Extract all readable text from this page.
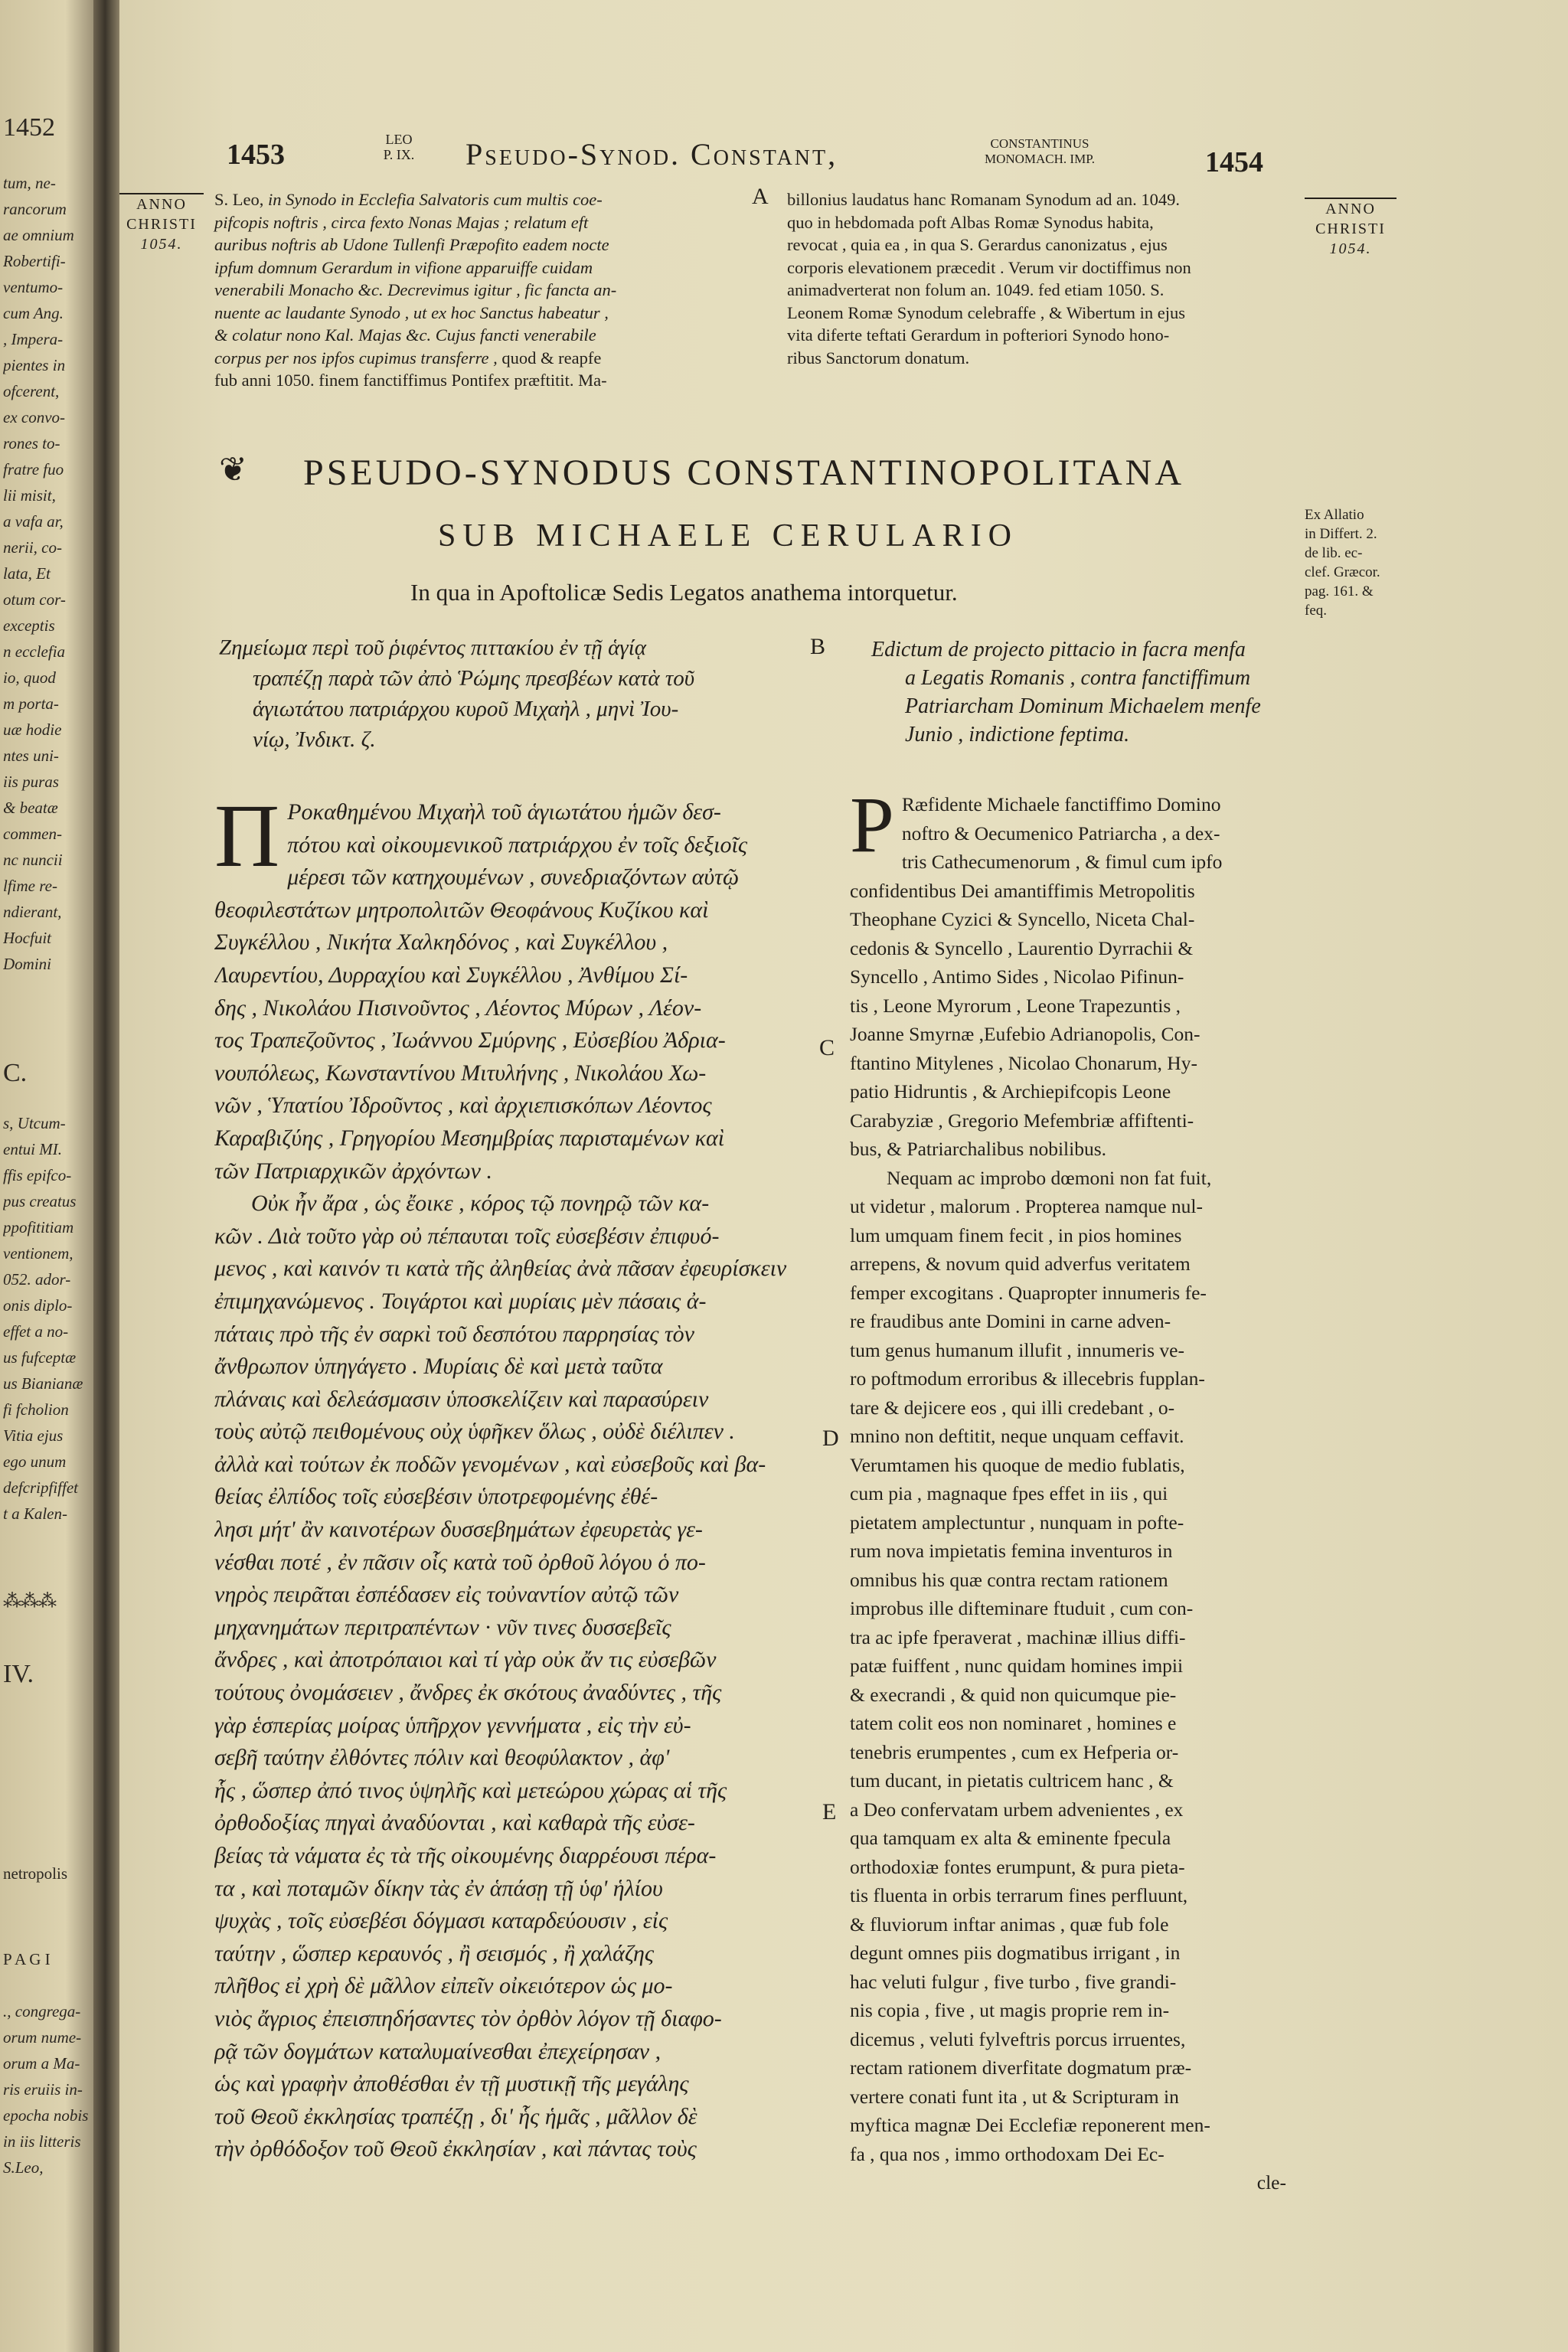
1452
tum, ne-
rancorum
ae omnium
Robertifi-
ventumo-
cum Ang.
, Impera-
pientes in
ofcerent,
ex convo-
rones to-
fratre fuo
lii misit,
a vafa ar,
nerii, co-
lata, Et
otum cor-
exceptis
n ecclefia
io, quod
m porta-
uæ hodie
ntes uni-
iis puras
& beatæ
commen-
nc nuncii
lfime re-
ndierant,
Hocfuit
Domini
C.
s, Utcum-
entui MI.
ffis epifco-
pus creatus
ppofititiam
ventionem,
052. ador-
onis diplo-
effet a no-
us fufceptæ
us Bianianæ
fi fcholion
Vitia ejus
ego unum
defcripfiffet
t a Kalen-
⁂⁂⁂
IV.
netropolis
P A G I
., congrega-
orum nume-
orum a Ma-
ris eruiis in-
epocha nobis
in iis litteris
S.Leo,
1453	LEO
P. IX.	Pseudo-Synod. Constant,	CONSTANTINUS
MONOMACH. IMP.	1454
ANNO
CHRISTI
1054.
ANNO
CHRISTI
1054.
S. Leo, in Synodo in Ecclefia Salvatoris cum multis coe-
pifcopis noftris , circa fexto Nonas Majas ; relatum eft
auribus noftris ab Udone Tullenfi Præpofito eadem nocte
ipfum domnum Gerardum in vifione apparuiffe cuidam
venerabili Monacho &c. Decrevimus igitur , fic fancta an-
nuente ac laudante Synodo , ut ex hoc Sanctus habeatur ,
& colatur nono Kal. Majas &c. Cujus fancti venerabile
corpus per nos ipfos cupimus transferre , quod & reapfe
fub anni 1050. finem fanctiffimus Pontifex præftitit. Ma-
A billonius laudatus hanc Romanam Synodum ad an. 1049.
quo in hebdomada poft Albas Romæ Synodus habita,
revocat , quia ea , in qua S. Gerardus canonizatus , ejus
corporis elevationem præcedit . Verum vir doctiffimus non
animadverterat non folum an. 1049. fed etiam 1050. S.
Leonem Romæ Synodum celebraffe , & Wibertum in ejus
vita diferte teftati Gerardum in pofteriori Synodo hono-
ribus Sanctorum donatum.
❦ PSEUDO-SYNODUS CONSTANTINOPOLITANA
SUB MICHAELE CERULARIO
In qua in Apoftolicæ Sedis Legatos anathema intorquetur.
Ex Allatio
in Differt. 2.
de lib. ec-
clef. Græcor.
pag. 161. &
feq.
Ζημείωμα περὶ τοῦ ῥιφέντος πιττακίου ἐν τῇ ἁγίᾳ
τραπέζῃ παρὰ τῶν ἀπὸ Ῥώμης πρεσβέων κατὰ τοῦ
ἁγιωτάτου πατριάρχου κυροῦ Μιχαὴλ , μηνὶ Ἰου-
νίῳ, Ἰνδικτ. ζ.
B Edictum de projecto pittacio in facra menfa
a Legatis Romanis , contra fanctiffimum
Patriarcham Dominum Michaelem menfe
Junio , indictione feptima.
Π Ροκαθημένου Μιχαὴλ τοῦ ἁγιωτάτου ἡμῶν δεσ-
πότου καὶ οἰκουμενικοῦ πατριάρχου ἐν τοῖς δεξιοῖς
μέρεσι τῶν κατηχουμένων , συνεδριαζόντων αὐτῷ
θεοφιλεστάτων μητροπολιτῶν Θεοφάνους Κυζίκου καὶ
Συγκέλλου , Νικήτα Χαλκηδόνος , καὶ Συγκέλλου ,
Λαυρεντίου, Δυρραχίου καὶ Συγκέλλου , Ἀνθίμου Σί-
δης , Νικολάου Πισινοῦντος , Λέοντος Μύρων , Λέον-
τος Τραπεζοῦντος , Ἰωάννου Σμύρνης , Εὐσεβίου Ἀδρια-
νουπόλεως, Κωνσταντίνου Μιτυλήνης , Νικολάου Χω-
νῶν , Ὑπατίου Ἰδροῦντος , καὶ ἀρχιεπισκόπων Λέοντος
Καραβιζύης , Γρηγορίου Μεσημβρίας παρισταμένων καὶ
τῶν Πατριαρχικῶν ἀρχόντων .
Οὐκ ἦν ἄρα , ὡς ἔοικε , κόρος τῷ πονηρῷ τῶν κα-
κῶν . Διὰ τοῦτο γὰρ οὐ πέπαυται τοῖς εὐσεβέσιν ἐπιφυό-
μενος , καὶ καινόν τι κατὰ τῆς ἀληθείας ἀνὰ πᾶσαν ἐφευρίσκειν
ἐπιμηχανώμενος . Τοιγάρτοι καὶ μυρίαις μὲν πάσαις ἀ-
πάταις πρὸ τῆς ἐν σαρκὶ τοῦ δεσπότου παρρησίας τὸν
ἄνθρωπον ὑπηγάγετο . Μυρίαις δὲ καὶ μετὰ ταῦτα
πλάναις καὶ δελεάσμασιν ὑποσκελίζειν καὶ παρασύρειν
τοὺς αὐτῷ πειθομένους οὐχ ὑφῆκεν ὅλως , οὐδὲ διέλιπεν .
ἀλλὰ καὶ τούτων ἐκ ποδῶν γενομένων , καὶ εὐσεβοῦς καὶ βα-
θείας ἐλπίδος τοῖς εὐσεβέσιν ὑποτρεφομένης ἐθέ-
λησι μήτ' ἂν καινοτέρων δυσσεβημάτων ἐφευρετὰς γε-
νέσθαι ποτέ , ἐν πᾶσιν οἷς κατὰ τοῦ ὀρθοῦ λόγου ὁ πο-
νηρὸς πειρᾶται ἐσπέδασεν εἰς τοὐναντίον αὐτῷ τῶν
μηχανημάτων περιτραπέντων · νῦν τινες δυσσεβεῖς
ἄνδρες , καὶ ἀποτρόπαιοι καὶ τί γὰρ οὐκ ἄν τις εὐσεβῶν
τούτους ὀνομάσειεν , ἄνδρες ἐκ σκότους ἀναδύντες , τῆς
γὰρ ἑσπερίας μοίρας ὑπῆρχον γεννήματα , εἰς τὴν εὐ-
σεβῆ ταύτην ἐλθόντες πόλιν καὶ θεοφύλακτον , ἀφ'
ἧς , ὥσπερ ἀπό τινος ὑψηλῆς καὶ μετεώρου χώρας αἱ τῆς
ὀρθοδοξίας πηγαὶ ἀναδύονται , καὶ καθαρὰ τῆς εὐσε-
βείας τὰ νάματα ἐς τὰ τῆς οἰκουμένης διαρρέουσι πέρα-
τα , καὶ ποταμῶν δίκην τὰς ἐν ἁπάσῃ τῇ ὑφ' ἡλίου
ψυχὰς , τοῖς εὐσεβέσι δόγμασι καταρδεύουσιν , εἰς
ταύτην , ὥσπερ κεραυνός , ἢ σεισμός , ἢ χαλάζης
πλῆθος εἰ χρὴ δὲ μᾶλλον εἰπεῖν οἰκειότερον ὡς μο-
νιὸς ἄγριος ἐπεισπηδήσαντες τὸν ὀρθὸν λόγον τῇ διαφο-
ρᾷ τῶν δογμάτων καταλυμαίνεσθαι ἐπεχείρησαν ,
ὡς καὶ γραφὴν ἀποθέσθαι ἐν τῇ μυστικῇ τῆς μεγάλης
τοῦ Θεοῦ ἐκκλησίας τραπέζῃ , δι' ἧς ἡμᾶς , μᾶλλον δὲ
τὴν ὀρθόδοξον τοῦ Θεοῦ ἐκκλησίαν , καὶ πάντας τοὺς
C
D
E
P Ræfidente Michaele fanctiffimo Domino
noftro & Oecumenico Patriarcha , a dex-
tris Cathecumenorum , & fimul cum ipfo
confidentibus Dei amantiffimis Metropolitis
Theophane Cyzici & Syncello, Niceta Chal-
cedonis & Syncello , Laurentio Dyrrachii &
Syncello , Antimo Sides , Nicolao Pifinun-
tis , Leone Myrorum , Leone Trapezuntis ,
Joanne Smyrnæ ,Eufebio Adrianopolis, Con-
ftantino Mitylenes , Nicolao Chonarum, Hy-
patio Hidruntis , & Archiepifcopis Leone
Carabyziæ , Gregorio Mefembriæ affiftenti-
bus, & Patriarchalibus nobilibus.
Nequam ac improbo dœmoni non fat fuit,
ut videtur , malorum . Propterea namque nul-
lum umquam finem fecit , in pios homines
arrepens, & novum quid adverfus veritatem
femper excogitans . Quapropter innumeris fe-
re fraudibus ante Domini in carne adven-
tum genus humanum illufit , innumeris ve-
ro poftmodum erroribus & illecebris fupplan-
tare & dejicere eos , qui illi credebant , o-
mnino non deftitit, neque unquam ceffavit.
Verumtamen his quoque de medio fublatis,
cum pia , magnaque fpes effet in iis , qui
pietatem amplectuntur , nunquam in pofte-
rum nova impietatis femina inventuros in
omnibus his quæ contra rectam rationem
improbus ille difteminare ftuduit , cum con-
tra ac ipfe fperaverat , machinæ illius diffi-
patæ fuiffent , nunc quidam homines impii
& execrandi , & quid non quicumque pie-
tatem colit eos non nominaret , homines e
tenebris erumpentes , cum ex Hefperia or-
tum ducant, in pietatis cultricem hanc , &
a Deo confervatam urbem advenientes , ex
qua tamquam ex alta & eminente fpecula
orthodoxiæ fontes erumpunt, & pura pieta-
tis fluenta in orbis terrarum fines perfluunt,
& fluviorum inftar animas , quæ fub fole
degunt omnes piis dogmatibus irrigant , in
hac veluti fulgur , five turbo , five grandi-
nis copia , five , ut magis proprie rem in-
dicemus , veluti fylveftris porcus irruentes,
rectam rationem diverfitate dogmatum præ-
vertere conati funt ita , ut & Scripturam in
myftica magnæ Dei Ecclefiæ reponerent men-
fa , qua nos , immo orthodoxam Dei Ec-
cle-
